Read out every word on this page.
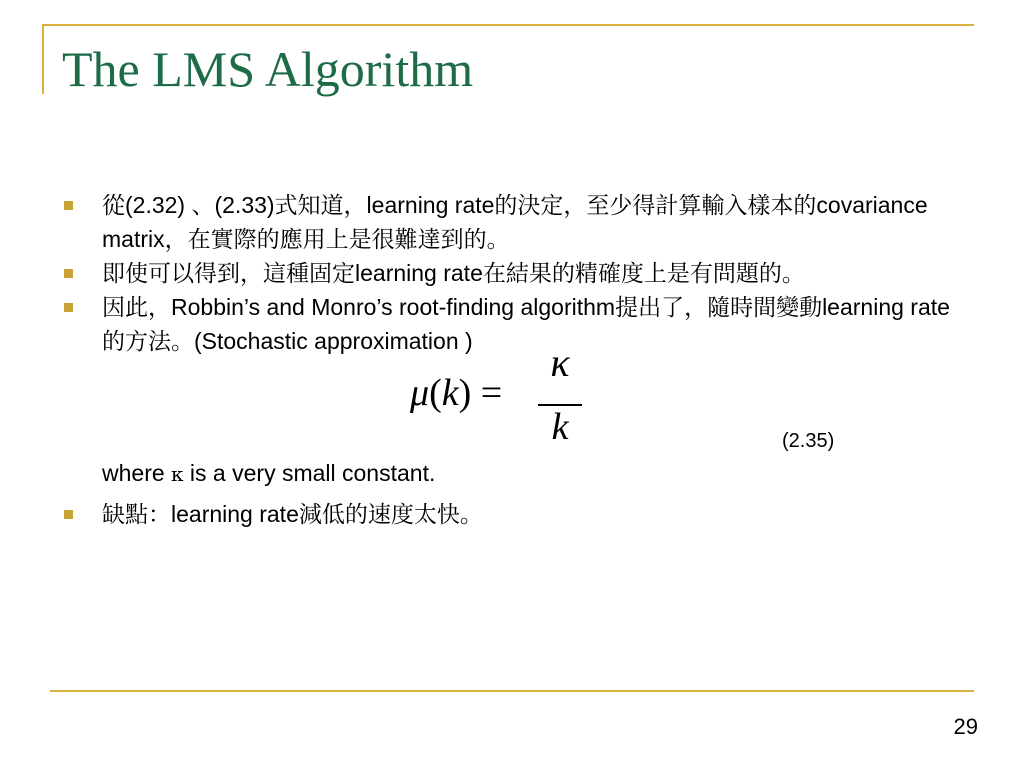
The LMS Algorithm
從(2.32) 、(2.33)式知道，learning rate的決定，至少得計算輸入樣本的covariance matrix，在實際的應用上是很難達到的。
即使可以得到，這種固定learning rate在結果的精確度上是有問題的。
因此，Robbin’s and Monro’s root-finding algorithm提出了，隨時間變動learning rate的方法。(Stochastic approximation )
μ(k) =
κ
k	(2.35)
where κ is a very small constant.
缺點：learning rate減低的速度太快。
29
